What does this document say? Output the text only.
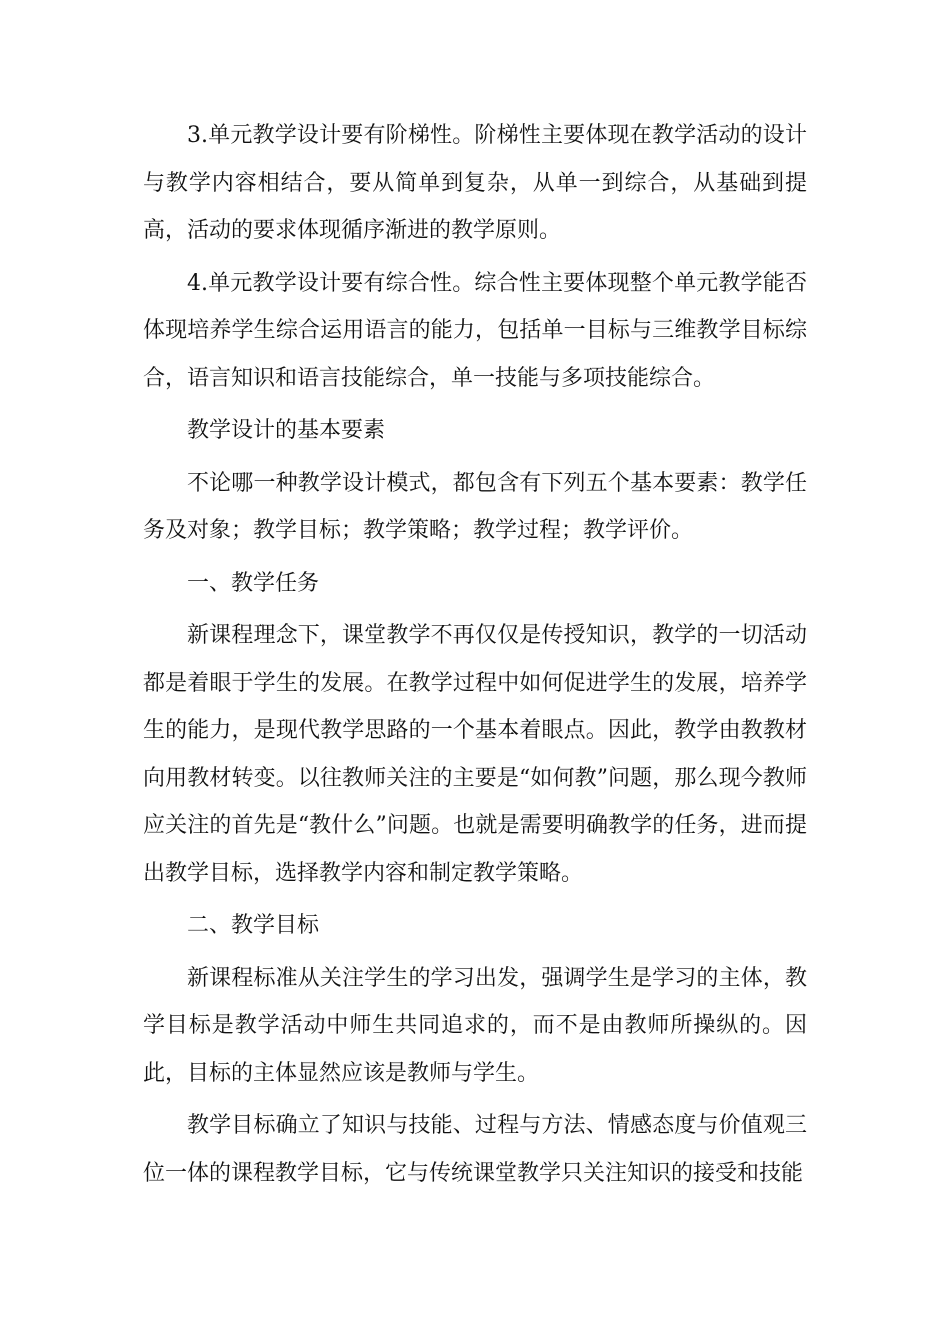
3.单元教学设计要有阶梯性。阶梯性主要体现在教学活动的设计与教学内容相结合，要从简单到复杂，从单一到综合，从基础到提高，活动的要求体现循序渐进的教学原则。

4.单元教学设计要有综合性。综合性主要体现整个单元教学能否体现培养学生综合运用语言的能力，包括单一目标与三维教学目标综合，语言知识和语言技能综合，单一技能与多项技能综合。

教学设计的基本要素

不论哪一种教学设计模式，都包含有下列五个基本要素：教学任务及对象；教学目标；教学策略；教学过程；教学评价。

一、教学任务

新课程理念下，课堂教学不再仅仅是传授知识，教学的一切活动都是着眼于学生的发展。在教学过程中如何促进学生的发展，培养学生的能力，是现代教学思路的一个基本着眼点。因此，教学由教教材向用教材转变。以往教师关注的主要是“如何教”问题，那么现今教师应关注的首先是“教什么”问题。也就是需要明确教学的任务，进而提出教学目标，选择教学内容和制定教学策略。

二、教学目标

新课程标准从关注学生的学习出发，强调学生是学习的主体，教学目标是教学活动中师生共同追求的，而不是由教师所操纵的。因此，目标的主体显然应该是教师与学生。

教学目标确立了知识与技能、过程与方法、情感态度与价值观三位一体的课程教学目标，它与传统课堂教学只关注知识的接受和技能
